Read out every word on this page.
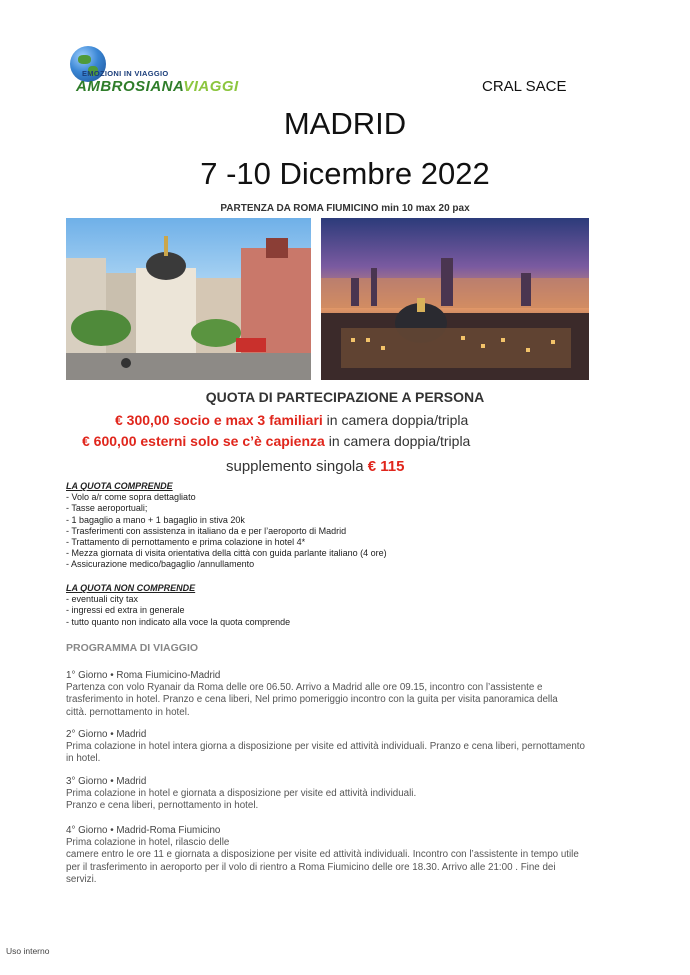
EMOZIONI IN VIAGGIO
AMBROSIANAVIAGGI	CRAL SACE
MADRID
7 -10 Dicembre 2022
PARTENZA DA ROMA FIUMICINO min 10 max 20 pax
QUOTA DI PARTECIPAZIONE A PERSONA
€ 300,00 socio e max 3 familiari in camera doppia/tripla
€ 600,00 esterni solo se c’è capienza in camera doppia/tripla
supplemento singola € 115
LA QUOTA COMPRENDE
- Volo a/r come sopra dettagliato
- Tasse aeroportuali;
- 1 bagaglio a mano + 1 bagaglio in stiva 20k
- Trasferimenti con assistenza in italiano da e per l’aeroporto di Madrid
- Trattamento di pernottamento e prima colazione in hotel 4*
- Mezza giornata di visita orientativa della città con guida parlante italiano (4 ore)
- Assicurazione medico/bagaglio /annullamento
LA QUOTA NON COMPRENDE
- eventuali city tax
- ingressi ed extra in generale
- tutto quanto non indicato alla voce la quota comprende
PROGRAMMA DI VIAGGIO
1° Giorno • Roma Fiumicino-Madrid
Partenza con volo Ryanair da Roma delle ore 06.50. Arrivo a Madrid alle ore 09.15, incontro con l’assistente e
trasferimento in hotel. Pranzo e cena liberi, Nel primo pomeriggio incontro con la guita per visita panoramica della
città. pernottamento in hotel.
2° Giorno • Madrid
Prima colazione in hotel intera giorna a disposizione per visite ed attività individuali. Pranzo e cena liberi, pernottamento
in hotel.
3° Giorno • Madrid
Prima colazione in hotel e giornata a disposizione per visite ed attività individuali.
Pranzo e cena liberi, pernottamento in hotel.
4° Giorno • Madrid-Roma Fiumicino
Prima colazione in hotel, rilascio delle
camere entro le ore 11 e giornata a disposizione per visite ed attività individuali. Incontro con l’assistente in tempo utile
per il trasferimento in aeroporto per il volo di rientro a Roma Fiumicino delle ore 18.30. Arrivo alle 21:00 . Fine dei
servizi.
Uso interno
